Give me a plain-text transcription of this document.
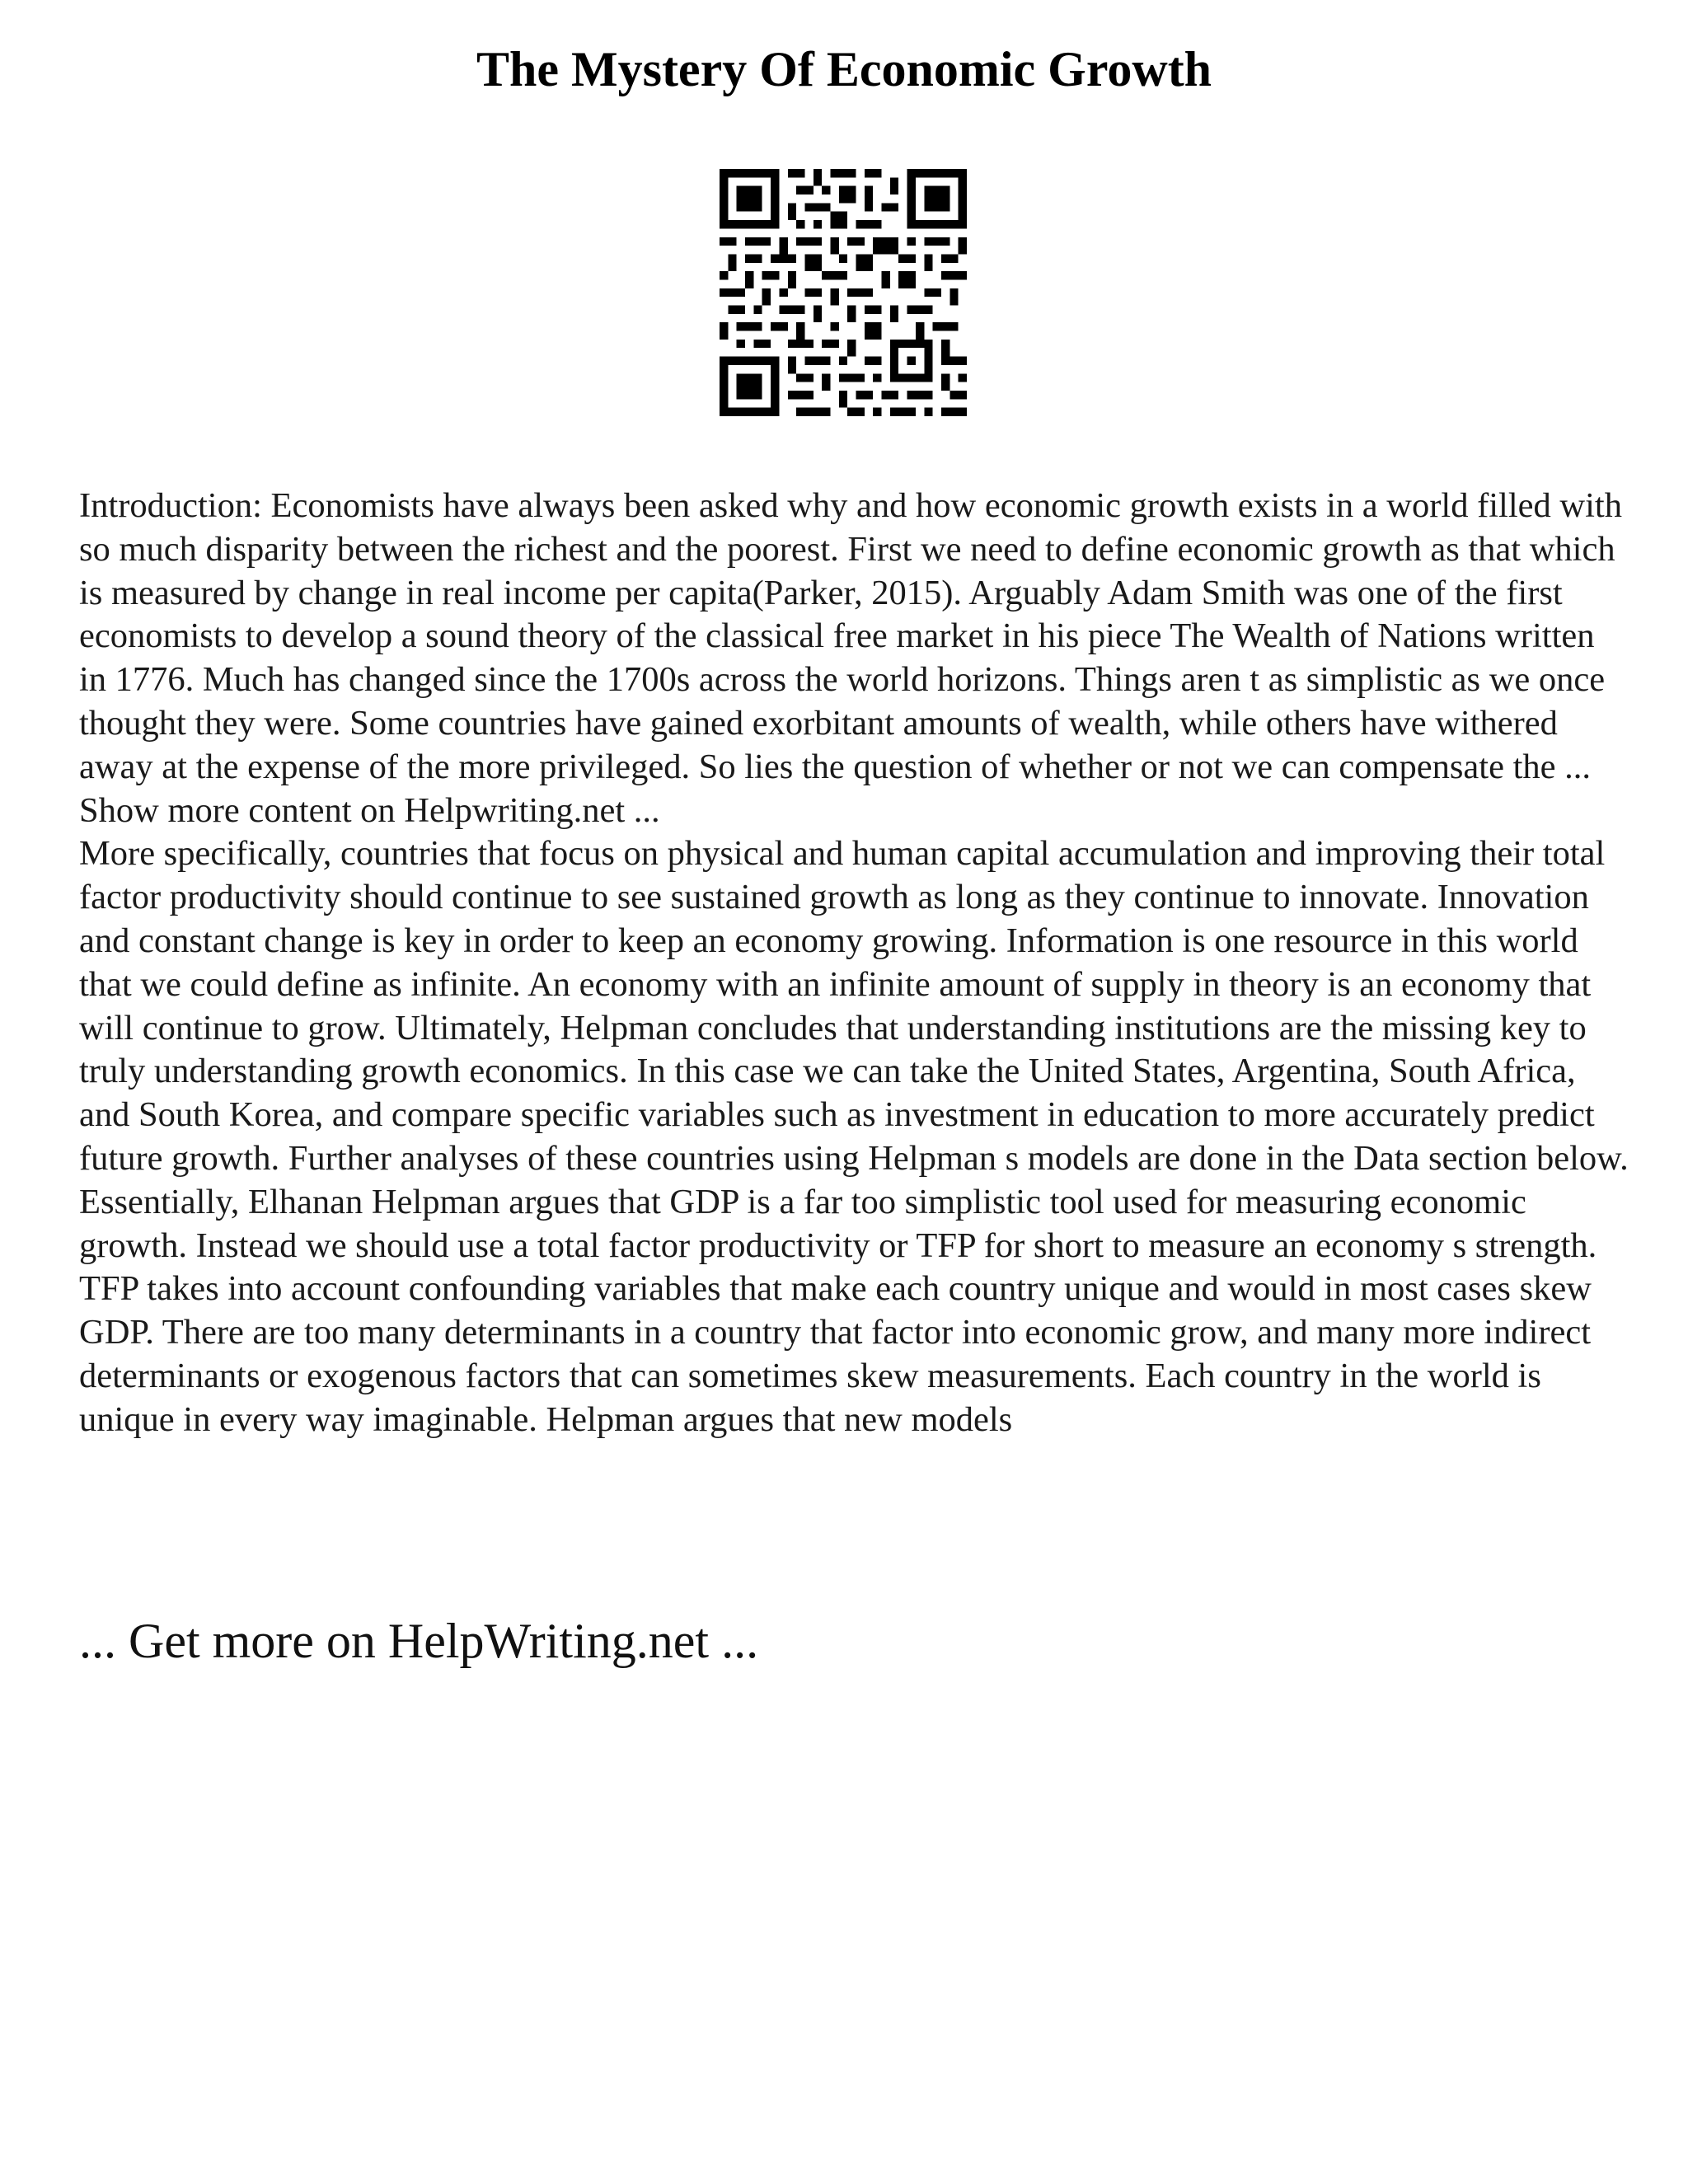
The Mystery Of Economic Growth

Introduction: Economists have always been asked why and how economic growth exists in a world filled with so much disparity between the richest and the poorest. First we need to define economic growth as that which is measured by change in real income per capita(Parker, 2015). Arguably Adam Smith was one of the first economists to develop a sound theory of the classical free market in his piece The Wealth of Nations written in 1776. Much has changed since the 1700s across the world horizons. Things aren t as simplistic as we once thought they were. Some countries have gained exorbitant amounts of wealth, while others have withered away at the expense of the more privileged. So lies the question of whether or not we can compensate the ... Show more content on Helpwriting.net ...

More specifically, countries that focus on physical and human capital accumulation and improving their total factor productivity should continue to see sustained growth as long as they continue to innovate. Innovation and constant change is key in order to keep an economy growing. Information is one resource in this world that we could define as infinite. An economy with an infinite amount of supply in theory is an economy that will continue to grow. Ultimately, Helpman concludes that understanding institutions are the missing key to truly understanding growth economics. In this case we can take the United States, Argentina, South Africa, and South Korea, and compare specific variables such as investment in education to more accurately predict future growth. Further analyses of these countries using Helpman s models are done in the Data section below.

Essentially, Elhanan Helpman argues that GDP is a far too simplistic tool used for measuring economic growth. Instead we should use a total factor productivity or TFP for short to measure an economy s strength. TFP takes into account confounding variables that make each country unique and would in most cases skew GDP. There are too many determinants in a country that factor into economic grow, and many more indirect determinants or exogenous factors that can sometimes skew measurements. Each country in the world is unique in every way imaginable. Helpman argues that new models

... Get more on HelpWriting.net ...
